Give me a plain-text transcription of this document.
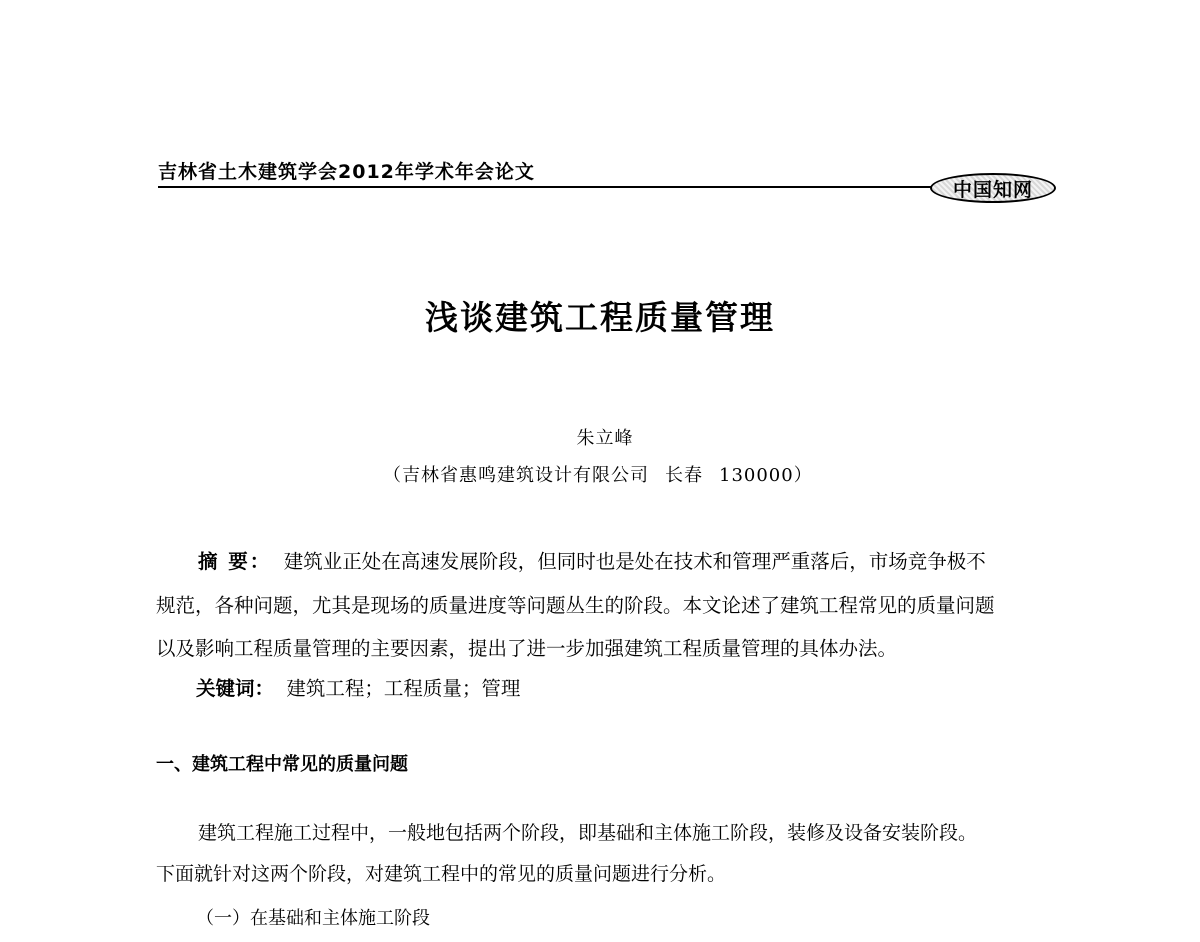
吉林省土木建筑学会2012年学术年会论文
中国知网
浅谈建筑工程质量管理
朱立峰
（吉林省惠鸣建筑设计有限公司 长春 130000）
摘 要： 建筑业正处在高速发展阶段，但同时也是处在技术和管理严重落后，市场竞争极不
规范，各种问题，尤其是现场的质量进度等问题丛生的阶段。本文论述了建筑工程常见的质量问题
以及影响工程质量管理的主要因素，提出了进一步加强建筑工程质量管理的具体办法。
关键词： 建筑工程；工程质量；管理
一、建筑工程中常见的质量问题
建筑工程施工过程中，一般地包括两个阶段，即基础和主体施工阶段，装修及设备安装阶段。
下面就针对这两个阶段，对建筑工程中的常见的质量问题进行分析。
（一）在基础和主体施工阶段
